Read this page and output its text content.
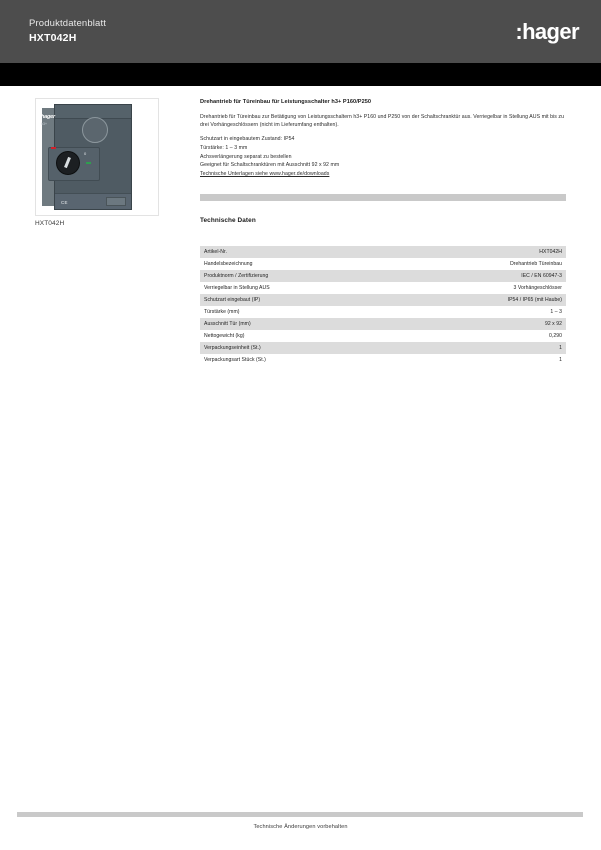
Produktdatenblatt
HXT042H	: hager
CE
hager
h3+
0
HXT042H
Drehantrieb für Türeinbau für Leistungsschalter h3+ P160/P250
Drehantrieb für Türeinbau zur Betätigung von Leistungsschaltern h3+ P160 und P250 von der Schaltschranktür aus. Verriegelbar in Stellung AUS mit bis zu drei Vorhängeschlössern (nicht im Lieferumfang enthalten).
Schutzart in eingebautem Zustand: IP54
Türstärke: 1 – 3 mm
Achsverlängerung separat zu bestellen
Geeignet für Schaltschranktüren mit Ausschnitt 92 x 92 mm
Technische Unterlagen siehe www.hager.de/downloads
Technische Daten
Artikel-Nr.	HXT042H
Handelsbezeichnung	Drehantrieb Türeinbau
Produktnorm / Zertifizierung	IEC / EN 60947-3
Verriegelbar in Stellung AUS	3 Vorhängeschlösser
Schutzart eingebaut (IP)	IP54 / IP65 (mit Haube)
Türstärke (mm)	1 – 3
Ausschnitt Tür (mm)	92 x 92
Nettogewicht (kg)	0,290
Verpackungseinheit (St.)	1
Verpackungsart Stück (St.)	1
Technische Änderungen vorbehalten
